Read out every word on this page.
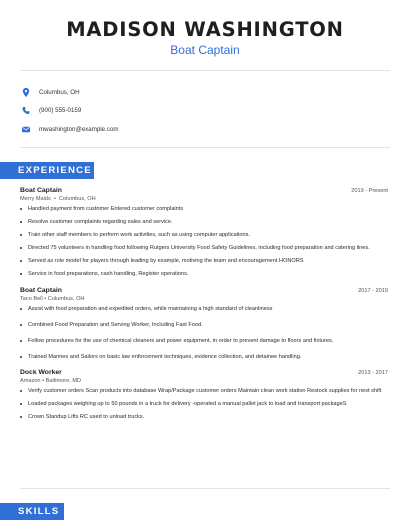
MADISON WASHINGTON
Boat Captain
Columbus, OH
(900) 555-0159
mwashington@example.com
EXPERIENCE
Boat Captain	2019 - Present
Merry Maids  •  Columbus, OH
Handled payment from customer Entered customer complaints
Resolve customer complaints regarding sales and service.
Train other staff members to perform work activities, such as using computer applications.
Directed 75 volunteers in handling food following Rutgers University Food Safety Guidelines, including food preparation and catering lines.
Served as role model for players through leading by example, motiving the team and encouragement HONORS
Service in food preparations, cash handling, Register operations.
Boat Captain	2017 - 2019
Taco Bell • Columbus, OH
Assist with food preparation and expedited orders, while maintaining a high standard of cleanliness
Combined Food Preparation and Serving Worker, Including Fast Food.
Follow procedures for the use of chemical cleaners and power equipment, in order to prevent damage to floors and fixtures.
Trained Marines and Sailors on basic law enforcement techniques, evidence collection, and detainee handling.
Dock Worker	2013 - 2017
Amazon • Baltimore, MD
Verify customer orders Scan products into database Wrap/Package customer orders Maintain clean work station Restock supplies for next shift
Loaded packages weighing up to 50 pounds in a truck for delivery -operated a manual pallet jack to load and transport packageS
Crown Standup Lifts RC used to unload trucks.
SKILLS
